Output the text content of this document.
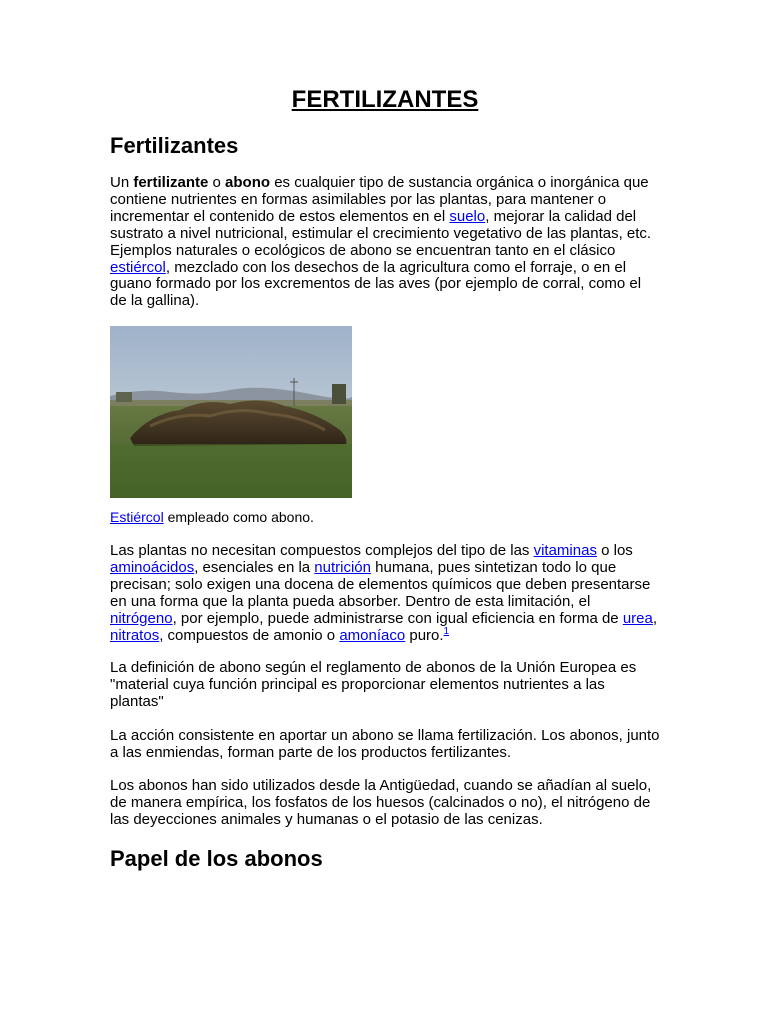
FERTILIZANTES
Fertilizantes

Un fertilizante o abono es cualquier tipo de sustancia orgánica o inorgánica que contiene nutrientes en formas asimilables por las plantas, para mantener o incrementar el contenido de estos elementos en el suelo, mejorar la calidad del sustrato a nivel nutricional, estimular el crecimiento vegetativo de las plantas, etc. Ejemplos naturales o ecológicos de abono se encuentran tanto en el clásico estiércol, mezclado con los desechos de la agricultura como el forraje, o en el guano formado por los excrementos de las aves (por ejemplo de corral, como el de la gallina).

Estiércol empleado como abono.

Las plantas no necesitan compuestos complejos del tipo de las vitaminas o los aminoácidos, esenciales en la nutrición humana, pues sintetizan todo lo que precisan; solo exigen una docena de elementos químicos que deben presentarse en una forma que la planta pueda absorber. Dentro de esta limitación, el nitrógeno, por ejemplo, puede administrarse con igual eficiencia en forma de urea, nitratos, compuestos de amonio o amoníaco puro.$^1$

La definición de abono según el reglamento de abonos de la Unión Europea es "material cuya función principal es proporcionar elementos nutrientes a las plantas"

La acción consistente en aportar un abono se llama fertilización. Los abonos, junto a las enmiendas, forman parte de los productos fertilizantes.

Los abonos han sido utilizados desde la Antigüedad, cuando se añadían al suelo, de manera empírica, los fosfatos de los huesos (calcinados o no), el nitrógeno de las deyecciones animales y humanas o el potasio de las cenizas.

Papel de los abonos
